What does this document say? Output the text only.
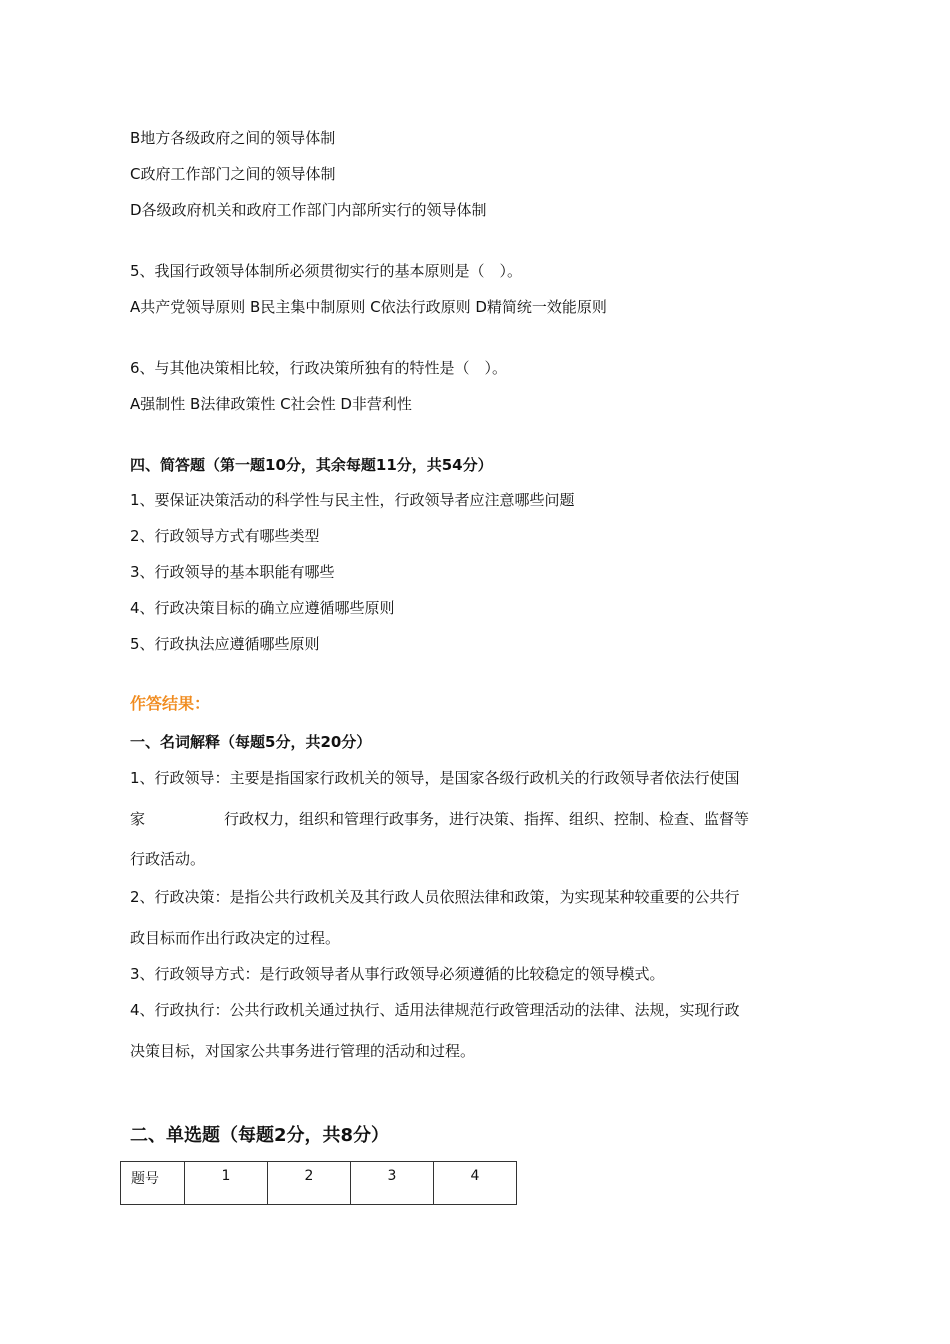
B地方各级政府之间的领导体制
C政府工作部门之间的领导体制
D各级政府机关和政府工作部门内部所实行的领导体制
5、我国行政领导体制所必须贯彻实行的基本原则是（　）。
A共产党领导原则 B民主集中制原则 C依法行政原则 D精简统一效能原则
6、与其他决策相比较，行政决策所独有的特性是（　）。
A强制性 B法律政策性 C社会性 D非营利性
四、简答题（第一题10分，其余每题11分，共54分）
1、要保证决策活动的科学性与民主性，行政领导者应注意哪些问题
2、行政领导方式有哪些类型
3、行政领导的基本职能有哪些
4、行政决策目标的确立应遵循哪些原则
5、行政执法应遵循哪些原则
作答结果：
一、名词解释（每题5分，共20分）
1、行政领导：主要是指国家行政机关的领导，是国家各级行政机关的行政领导者依法行使国
家	行政权力，组织和管理行政事务，进行决策、指挥、组织、控制、检查、监督等
行政活动。
2、行政决策：是指公共行政机关及其行政人员依照法律和政策，为实现某种较重要的公共行
政目标而作出行政决定的过程。
3、行政领导方式：是行政领导者从事行政领导必须遵循的比较稳定的领导模式。
4、行政执行：公共行政机关通过执行、适用法律规范行政管理活动的法律、法规，实现行政
决策目标，对国家公共事务进行管理的活动和过程。
二、单选题（每题2分，共8分）
题号	1	2	3	4
